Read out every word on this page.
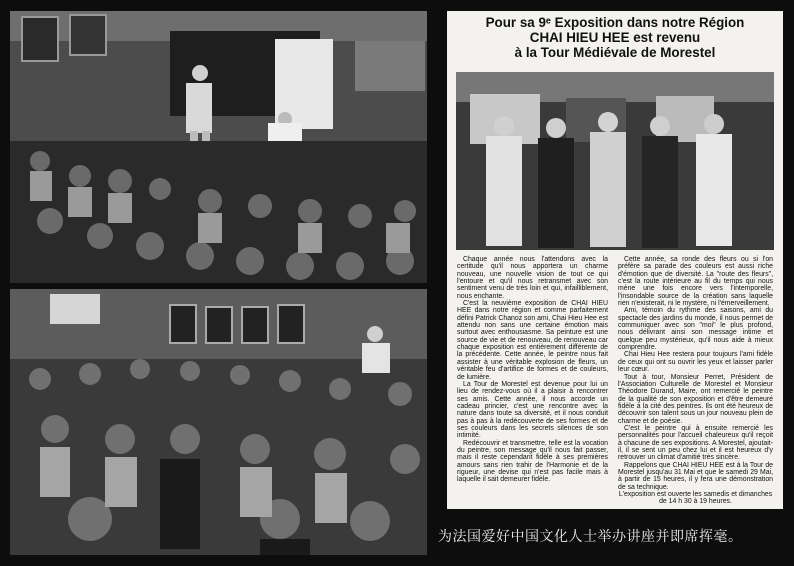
Pour sa 9ᵉ Exposition dans notre Région
CHAI HIEU HEE est revenu
à la Tour Médiévale de Morestel

Chaque année nous l'attendons avec la certitude qu'il nous apportera un charme nouveau, une nouvelle vision de tout ce qui l'entoure et qu'il nous retransmet avec son sentiment venu de très loin et qui, infailliblement, nous enchante.

C'est la neuvième exposition de CHAI HIEU HEE dans notre région et comme parfaitement défini Patrick Chanoz son ami, Chai Hieu Hee est attendu non sans une certaine émotion mais surtout avec enthousiasme. Sa peinture est une source de vie et de renouveau, de renouveau car chaque exposition est entièrement différente de la précédente. Cette année, le peintre nous fait assister à une véritable explosion de fleurs, un véritable feu d'artifice de formes et de couleurs, de lumière.

La Tour de Morestel est devenue pour lui un lieu de rendez-vous où il a plaisir à rencontrer ses amis. Cette année, il nous accorde un cadeau princier, c'est une rencontre avec la nature dans toute sa diversité, et il nous conduit pas à pas à la redécouverte de ses formes et de ses couleurs dans les secrets silences de son intimité.

Redécouvrir et transmettre, telle est la vocation du peintre, son message qu'il nous fait passer, mais il reste cependant fidèle à ses premières amours sans rien trahir de l'Harmonie et de la rigueur, une devise qui n'est pas facile mais à laquelle il sait demeurer fidèle.

Cette année, sa ronde des fleurs ou si l'on préfère sa parade des couleurs est aussi riche d'émotion que de diversité. La "route des fleurs", c'est la route intérieure au fil du temps qui nous mène une fois encore vers l'intemporelle, l'insondable source de la création sans laquelle rien n'existerait, ni le mystère, ni l'émerveillement.

Ami, témoin du rythme des saisons, ami du spectacle des jardins du monde, il nous permet de communiquer avec son "moi" le plus profond, nous délivrant ainsi son message intime et quelque peu mystérieux, qu'il nous aide à mieux comprendre.

Chai Hieu Hee restera pour toujours l'ami fidèle de ceux qui ont su ouvrir les yeux et laisser parler leur cœur.

Tout à tour, Monsieur Perret, Président de l'Association Culturelle de Morestel et Monsieur Théodore Durand, Maire, ont remercié le peintre de la qualité de son exposition et d'être demeuré fidèle à la cité des peintres. Ils ont été heureux de découvrir son talent sous un jour nouveau plein de charme et de poésie.

C'est le peintre qui à ensuite remercié les personnalités pour l'accueil chaleureux qu'il reçoit à chacune de ses expositions. A Morestel, ajoutait-il, il se sent un peu chez lui et il est heureux d'y retrouver un climat d'amitié très sincère.

Rappelons que CHAI HIEU HEE est à la Tour de Morestel jusqu'au 31 Mai et que le samedi 29 Mai, à partir de 15 heures, il y fera une démonstration de sa technique.

L'exposition est ouverte les samedis et dimanches de 14 h 30 à 19 heures.

为法国爱好中国文化人士举办讲座并即席挥毫。
